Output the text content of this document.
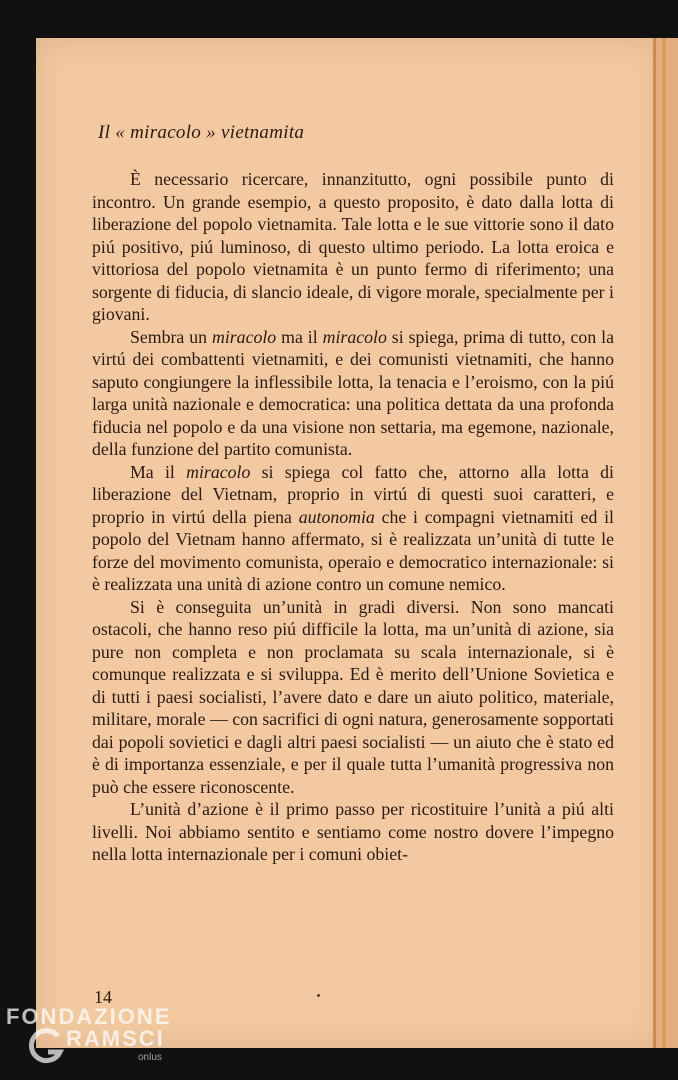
Il « miracolo » vietnamita

È necessario ricercare, innanzitutto, ogni possibile punto di incontro. Un grande esempio, a questo proposito, è dato dalla lotta di liberazione del popolo vietnamita. Tale lotta e le sue vittorie sono il dato piú positivo, piú luminoso, di questo ultimo periodo. La lotta eroica e vittoriosa del popolo vietnamita è un punto fermo di riferimento; una sorgente di fiducia, di slancio ideale, di vigore morale, specialmente per i giovani.

Sembra un miracolo ma il miracolo si spiega, prima di tutto, con la virtú dei combattenti vietnamiti, e dei comunisti vietnamiti, che hanno saputo congiungere la inflessibile lotta, la tenacia e l’eroismo, con la piú larga unità nazionale e democratica: una politica dettata da una profonda fiducia nel popolo e da una visione non settaria, ma egemone, nazionale, della funzione del partito comunista.

Ma il miracolo si spiega col fatto che, attorno alla lotta di liberazione del Vietnam, proprio in virtú di questi suoi caratteri, e proprio in virtú della piena autonomia che i compagni vietnamiti ed il popolo del Vietnam hanno affermato, si è realizzata un’unità di tutte le forze del movimento comunista, operaio e democratico internazionale: si è realizzata una unità di azione contro un comune nemico.

Si è conseguita un’unità in gradi diversi. Non sono mancati ostacoli, che hanno reso piú difficile la lotta, ma un’unità di azione, sia pure non completa e non proclamata su scala internazionale, si è comunque realizzata e si sviluppa. Ed è merito dell’Unione Sovietica e di tutti i paesi socialisti, l’avere dato e dare un aiuto politico, materiale, militare, morale — con sacrifici di ogni natura, generosamente sopportati dai popoli sovietici e dagli altri paesi socialisti — un aiuto che è stato ed è di importanza essenziale, e per il quale tutta l’umanità progressiva non può che essere riconoscente.

L’unità d’azione è il primo passo per ricostituire l’unità a piú alti livelli. Noi abbiamo sentito e sentiamo come nostro dovere l’impegno nella lotta internazionale per i comuni obiet-

14
FONDAZIONE
RAMSCI
onlus
